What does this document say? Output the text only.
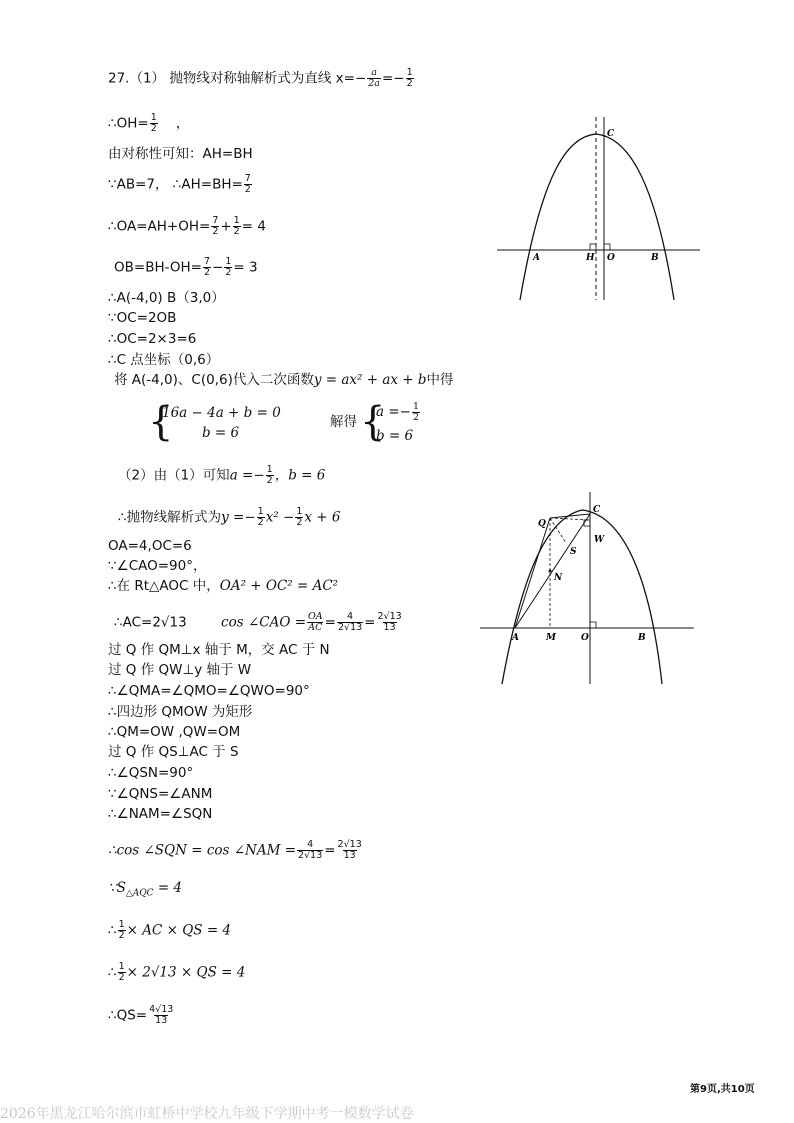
27.（1） 抛物线对称轴解析式为直线 $x=- \frac{a}{2a} =- \frac{1}{2}$
∴OH= $\frac{1}{2}$ ，
由对称性可知：AH=BH
∵AB=7， ∴AH=BH= $\frac{7}{2}$
∴OA=AH+OH= $\frac{7}{2} + \frac{1}{2} = 4$
$OB=BH-OH= \frac{7}{2} - \frac{1}{2} = 3$
∴A(-4,0) B（3,0）
∵OC=2OB
∴OC=2×3=6
∴C 点坐标（0,6）
将 A(-4,0)、C(0,6)代入二次函数y = ax² + ax + b中得
{
16a − 4a + b = 0
b = 6
解得 {
$a =- \frac{1}{2}$
b = 6
（2）由（1）可知$a =- \frac{1}{2}$ ，b = 6
∴抛物线解析式为$y =- \frac{1}{2} x^2 - \frac{1}{2}$ x + 6
OA=4,OC=6
∵∠CAO=90°，
∴在 Rt△AOC 中，OA² + OC² = AC²
∴AC=2√13	cos ∠CAO = $\frac{OA}{AC} = \frac{4}{2√13} = \frac{2√13}{13}$
过 Q 作 QM⊥x 轴于 M，交 AC 于 N
过 Q 作 QW⊥y 轴于 W
∴∠QMA=∠QMO=∠QWO=90°
∴四边形 QMOW 为矩形
∴QM=OW ,QW=OM
过 Q 作 QS⊥AC 于 S
∴∠QSN=90°
∵∠QNS=∠ANM
∴∠NAM=∠SQN
∴cos ∠SQN = cos ∠NAM = $\frac{4}{2√13} = \frac{2√13}{13}$
$\because S_{\triangle AQC} = 4$
∴ $\frac{1}{2}$ × AC × QS = 4
∴ $\frac{1}{2} \times 2√13$ × QS = 4
∴QS= $\frac{4√13}{13}$
C
A	H O	B
Q
C
W
S
N
A	M	O	B
第9页,共10页
2026年黑龙江哈尔滨市虹桥中学校九年级下学期中考一模数学试卷
